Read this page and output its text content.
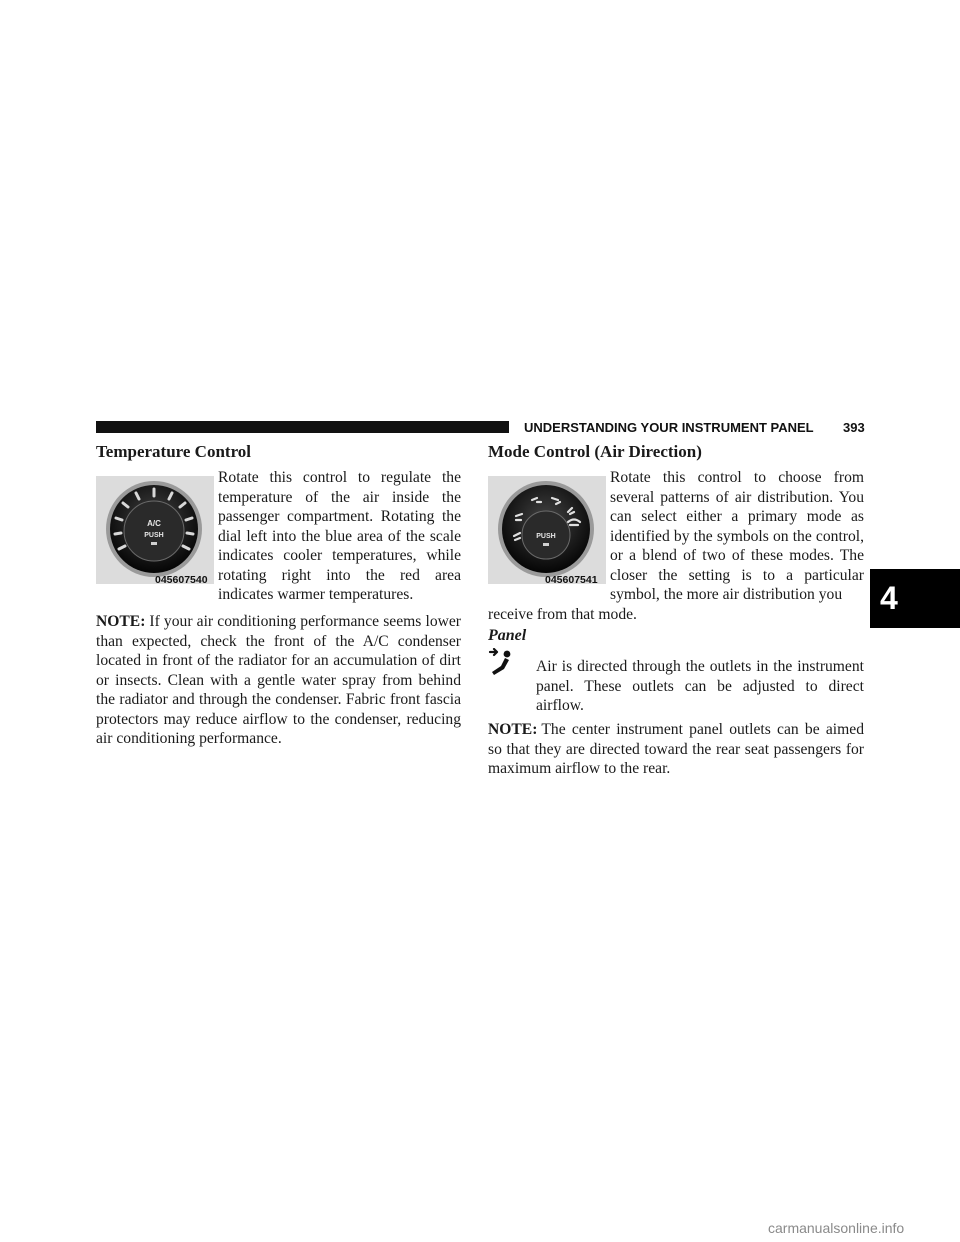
UNDERSTANDING YOUR INSTRUMENT PANEL 393
4
Temperature Control
A/C
PUSH
045607540
Rotate this control to regulate the temperature of the air inside the passenger compartment. Rotating the dial left into the blue area of the scale indicates cooler temperatures, while rotating right into the red area indicates warmer temperatures.
NOTE: If your air conditioning performance seems lower than expected, check the front of the A/C condenser located in front of the radiator for an accumulation of dirt or insects. Clean with a gentle water spray from behind the radiator and through the condenser. Fabric front fascia protectors may reduce airflow to the condenser, reducing air conditioning performance.
Mode Control (Air Direction)
PUSH
045607541
Rotate this control to choose from several patterns of air distribution. You can select either a primary mode as identified by the symbols on the control, or a blend of two of these modes. The closer the setting is to a particular symbol, the more air distribution you
receive from that mode.
Panel
Air is directed through the outlets in the instrument panel. These outlets can be adjusted to direct airflow.
NOTE: The center instrument panel outlets can be aimed so that they are directed toward the rear seat passengers for maximum airflow to the rear.
carmanualsonline.info
